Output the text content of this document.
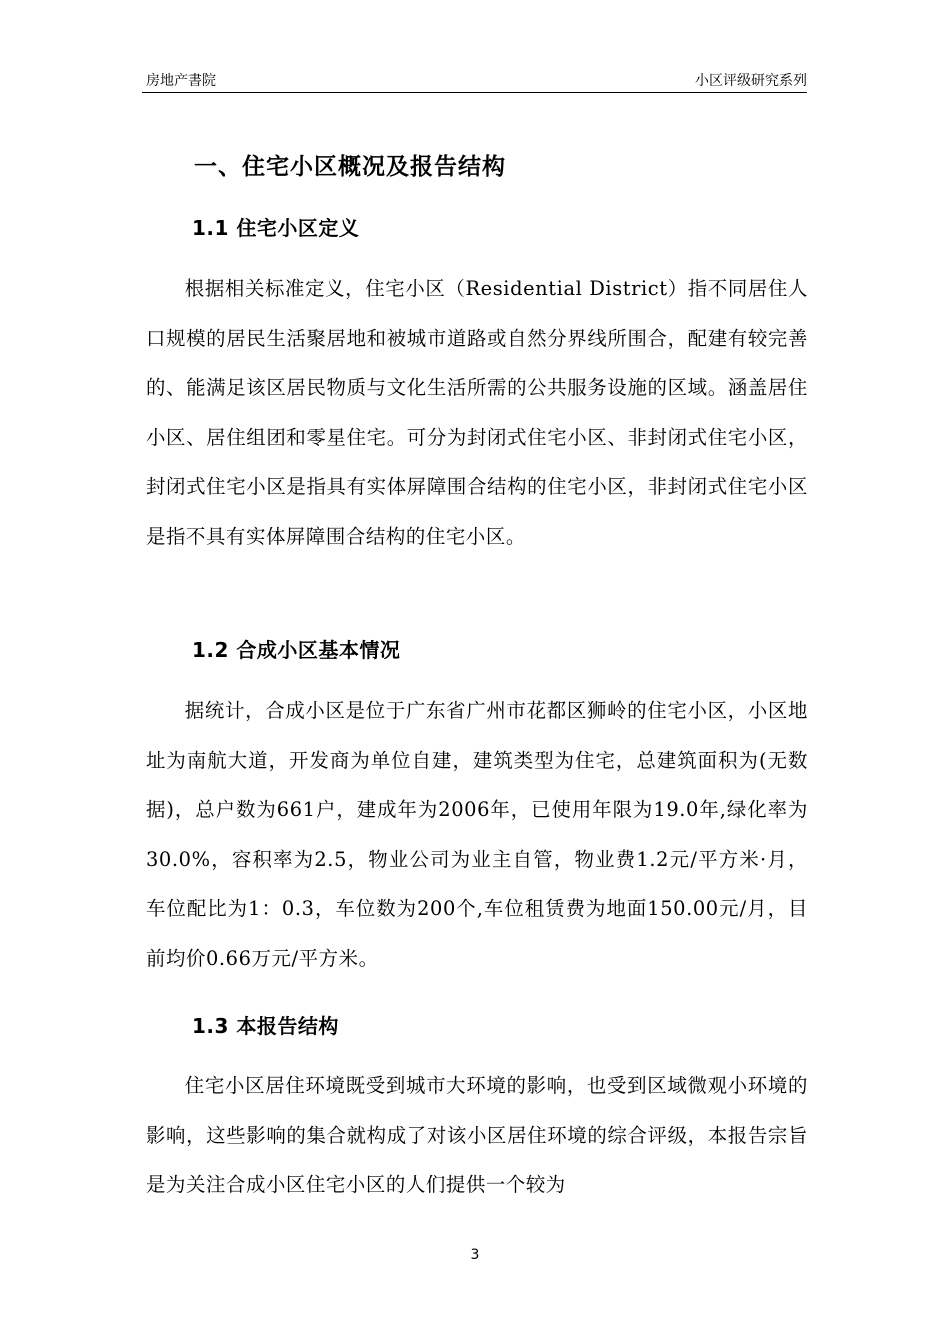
房地产書院	小区评级研究系列
一、住宅小区概况及报告结构
1.1 住宅小区定义
根据相关标准定义，住宅小区（Residential District）指不同居住人口规模的居民生活聚居地和被城市道路或自然分界线所围合，配建有较完善的、能满足该区居民物质与文化生活所需的公共服务设施的区域。涵盖居住小区、居住组团和零星住宅。可分为封闭式住宅小区、非封闭式住宅小区，封闭式住宅小区是指具有实体屏障围合结构的住宅小区，非封闭式住宅小区是指不具有实体屏障围合结构的住宅小区。
1.2 合成小区基本情况
据统计，合成小区是位于广东省广州市花都区狮岭的住宅小区，小区地址为南航大道，开发商为单位自建，建筑类型为住宅，总建筑面积为(无数据)，总户数为661户，建成年为2006年，已使用年限为19.0年,绿化率为30.0%，容积率为2.5，物业公司为业主自管，物业费1.2元/平方米·月，车位配比为1：0.3，车位数为200个,车位租赁费为地面150.00元/月，目前均价0.66万元/平方米。
1.3 本报告结构
住宅小区居住环境既受到城市大环境的影响，也受到区域微观小环境的影响，这些影响的集合就构成了对该小区居住环境的综合评级，本报告宗旨是为关注合成小区住宅小区的人们提供一个较为
3
